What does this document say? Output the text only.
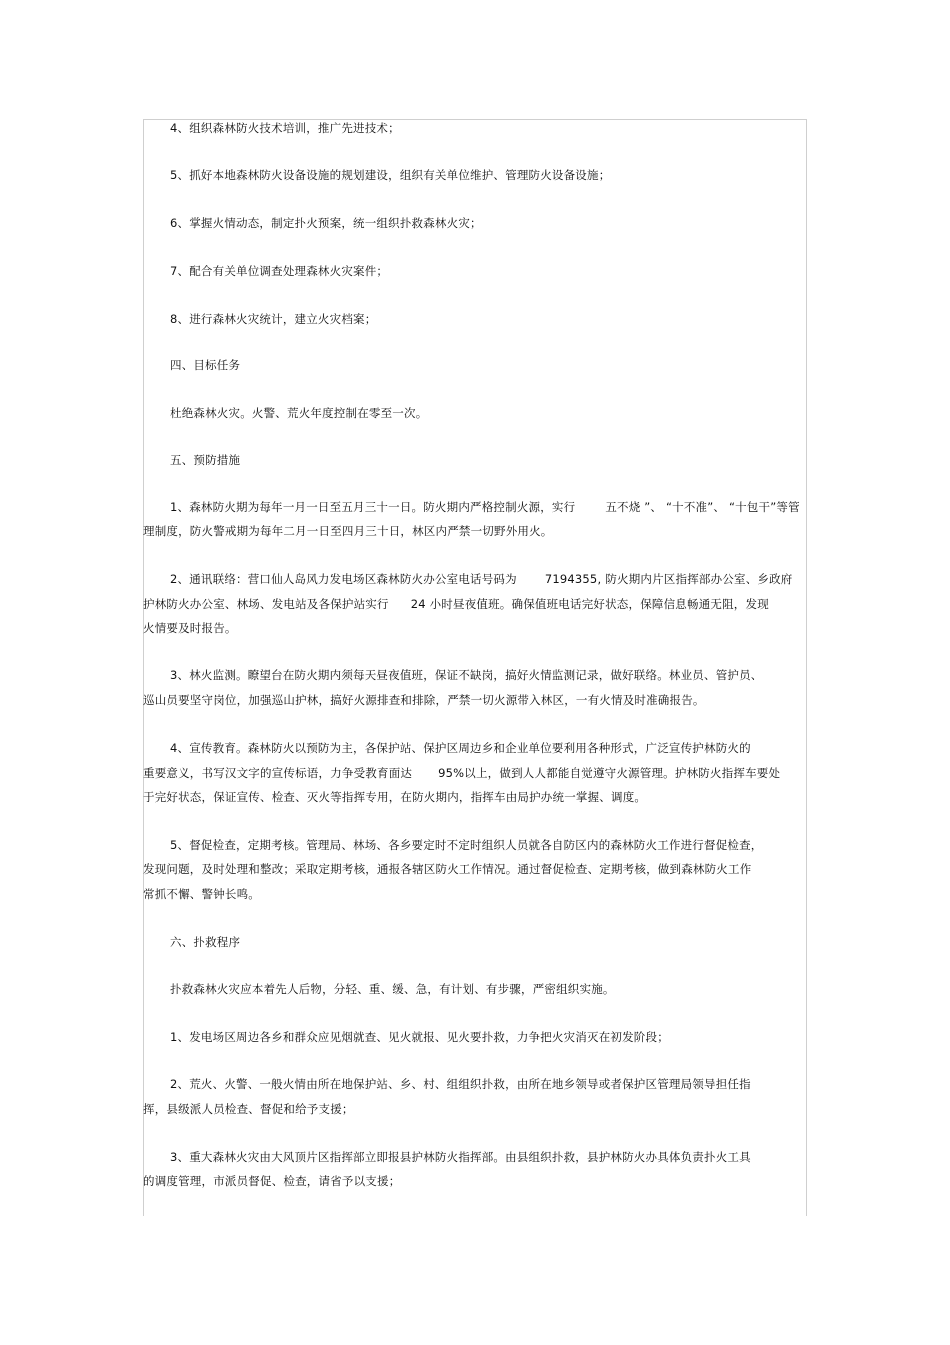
4、组织森林防火技术培训，推广先进技术；
5、抓好本地森林防火设备设施的规划建设，组织有关单位维护、管理防火设备设施；
6、掌握火情动态，制定扑火预案，统一组织扑救森林火灾；
7、配合有关单位调查处理森林火灾案件；
8、进行森林火灾统计，建立火灾档案；
四、目标任务
杜绝森林火灾。火警、荒火年度控制在零至一次。
五、预防措施
1、森林防火期为每年一月一日至五月三十一日。防火期内严格控制火源，实行	五不烧 ”、 “十不准”、 “十包干”等管
理制度，防火警戒期为每年二月一日至四月三十日，林区内严禁一切野外用火。
2、通讯联络：营口仙人岛风力发电场区森林防火办公室电话号码为 7194355, 防火期内片区指挥部办公室、乡政府
护林防火办公室、林场、发电站及各保护站实行 24 小时昼夜值班。确保值班电话完好状态，保障信息畅通无阻，发现
火情要及时报告。
3、林火监测。瞭望台在防火期内须每天昼夜值班，保证不缺岗，搞好火情监测记录，做好联络。林业员、管护员、
巡山员要坚守岗位，加强巡山护林，搞好火源排查和排除，严禁一切火源带入林区，一有火情及时准确报告。
4、宣传教育。森林防火以预防为主，各保护站、保护区周边乡和企业单位要利用各种形式，广泛宣传护林防火的
重要意义，书写汉文字的宣传标语，力争受教育面达 95%以上，做到人人都能自觉遵守火源管理。护林防火指挥车要处
于完好状态，保证宣传、检查、灭火等指挥专用，在防火期内，指挥车由局护办统一掌握、调度。
5、督促检查，定期考核。管理局、林场、各乡要定时不定时组织人员就各自防区内的森林防火工作进行督促检查，
发现问题，及时处理和整改；采取定期考核，通报各辖区防火工作情况。通过督促检查、定期考核，做到森林防火工作
常抓不懈、警钟长鸣。
六、扑救程序
扑救森林火灾应本着先人后物，分轻、重、缓、急，有计划、有步骤，严密组织实施。
1、发电场区周边各乡和群众应见烟就查、见火就报、见火要扑救，力争把火灾消灭在初发阶段；
2、荒火、火警、一般火情由所在地保护站、乡、村、组组织扑救，由所在地乡领导或者保护区管理局领导担任指
挥，县级派人员检查、督促和给予支援；
3、重大森林火灾由大风顶片区指挥部立即报县护林防火指挥部。由县组织扑救，县护林防火办具体负责扑火工具
的调度管理，市派员督促、检查，请省予以支援；
